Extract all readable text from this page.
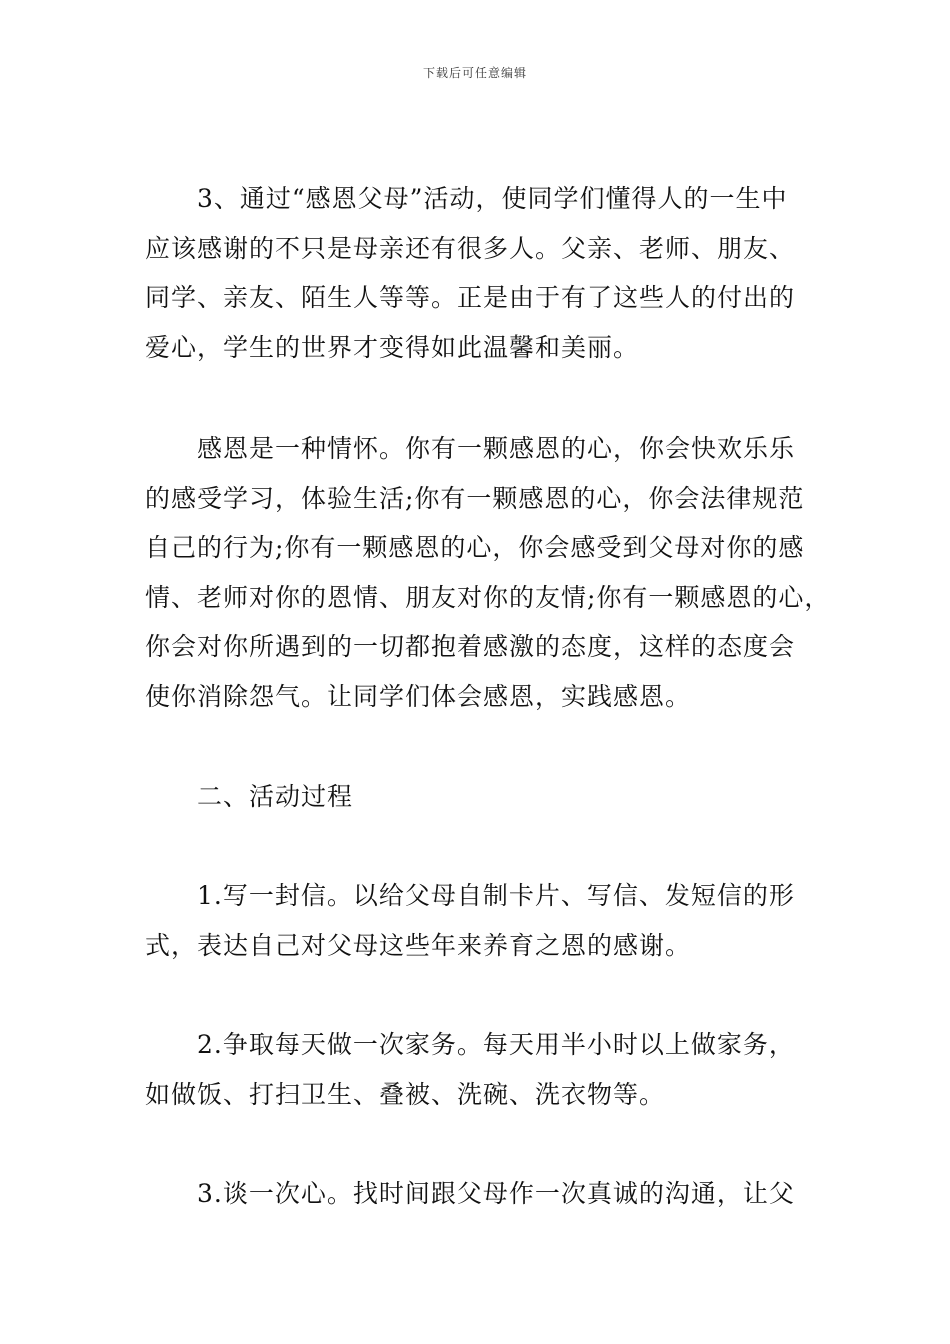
下载后可任意编辑
3、通过“感恩父母”活动，使同学们懂得人的一生中
应该感谢的不只是母亲还有很多人。父亲、老师、朋友、
同学、亲友、陌生人等等。正是由于有了这些人的付出的
爱心，学生的世界才变得如此温馨和美丽。
感恩是一种情怀。你有一颗感恩的心，你会快欢乐乐
的感受学习，体验生活;你有一颗感恩的心，你会法律规范
自己的行为;你有一颗感恩的心，你会感受到父母对你的感
情、老师对你的恩情、朋友对你的友情;你有一颗感恩的心，
你会对你所遇到的一切都抱着感激的态度，这样的态度会
使你消除怨气。让同学们体会感恩，实践感恩。
二、活动过程
1.写一封信。以给父母自制卡片、写信、发短信的形
式，表达自己对父母这些年来养育之恩的感谢。
2.争取每天做一次家务。每天用半小时以上做家务，
如做饭、打扫卫生、叠被、洗碗、洗衣物等。
3.谈一次心。找时间跟父母作一次真诚的沟通，让父
